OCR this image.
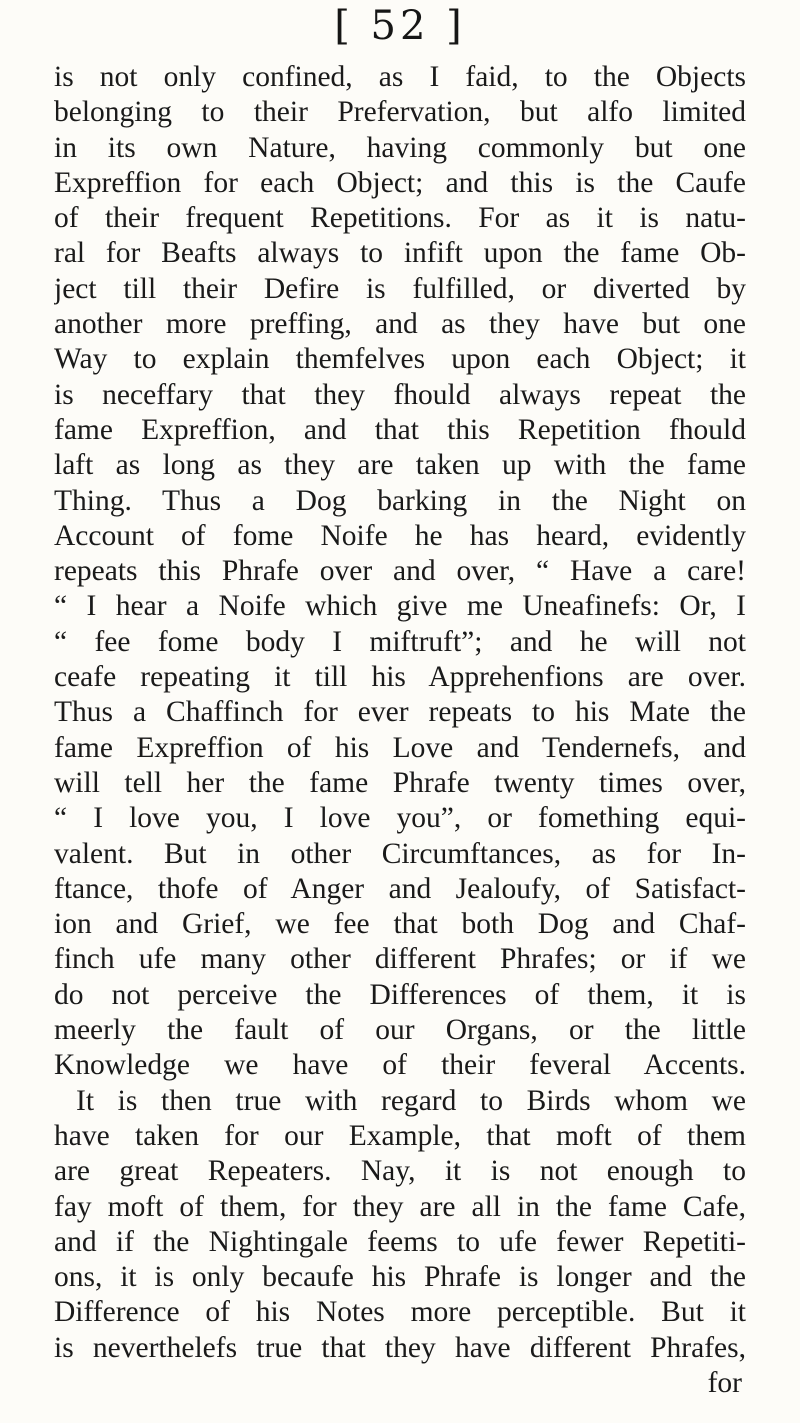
[ 52 ]
is not only confined, as I faid, to the Objects
belonging to their Prefervation, but alfo limited
in its own Nature, having commonly but one
Expreffion for each Object; and this is the Caufe
of their frequent Repetitions. For as it is natu-
ral for Beafts always to infift upon the fame Ob-
ject till their Defire is fulfilled, or diverted by
another more preffing, and as they have but one
Way to explain themfelves upon each Object; it
is neceffary that they fhould always repeat the
fame Expreffion, and that this Repetition fhould
laft as long as they are taken up with the fame
Thing. Thus a Dog barking in the Night on
Account of fome Noife he has heard, evidently
repeats this Phrafe over and over, “ Have a care!
“ I hear a Noife which give me Uneafinefs: Or, I
“ fee fome body I miftruft”; and he will not
ceafe repeating it till his Apprehenfions are over.
Thus a Chaffinch for ever repeats to his Mate the
fame Expreffion of his Love and Tendernefs, and
will tell her the fame Phrafe twenty times over,
“ I love you, I love you”, or fomething equi-
valent. But in other Circumftances, as for In-
ftance, thofe of Anger and Jealoufy, of Satisfact-
ion and Grief, we fee that both Dog and Chaf-
finch ufe many other different Phrafes; or if we
do not perceive the Differences of them, it is
meerly the fault of our Organs, or the little
Knowledge we have of their feveral Accents.
It is then true with regard to Birds whom we
have taken for our Example, that moft of them
are great Repeaters. Nay, it is not enough to
fay moft of them, for they are all in the fame Cafe,
and if the Nightingale feems to ufe fewer Repetiti-
ons, it is only becaufe his Phrafe is longer and the
Difference of his Notes more perceptible. But it
is neverthelefs true that they have different Phrafes,
for
